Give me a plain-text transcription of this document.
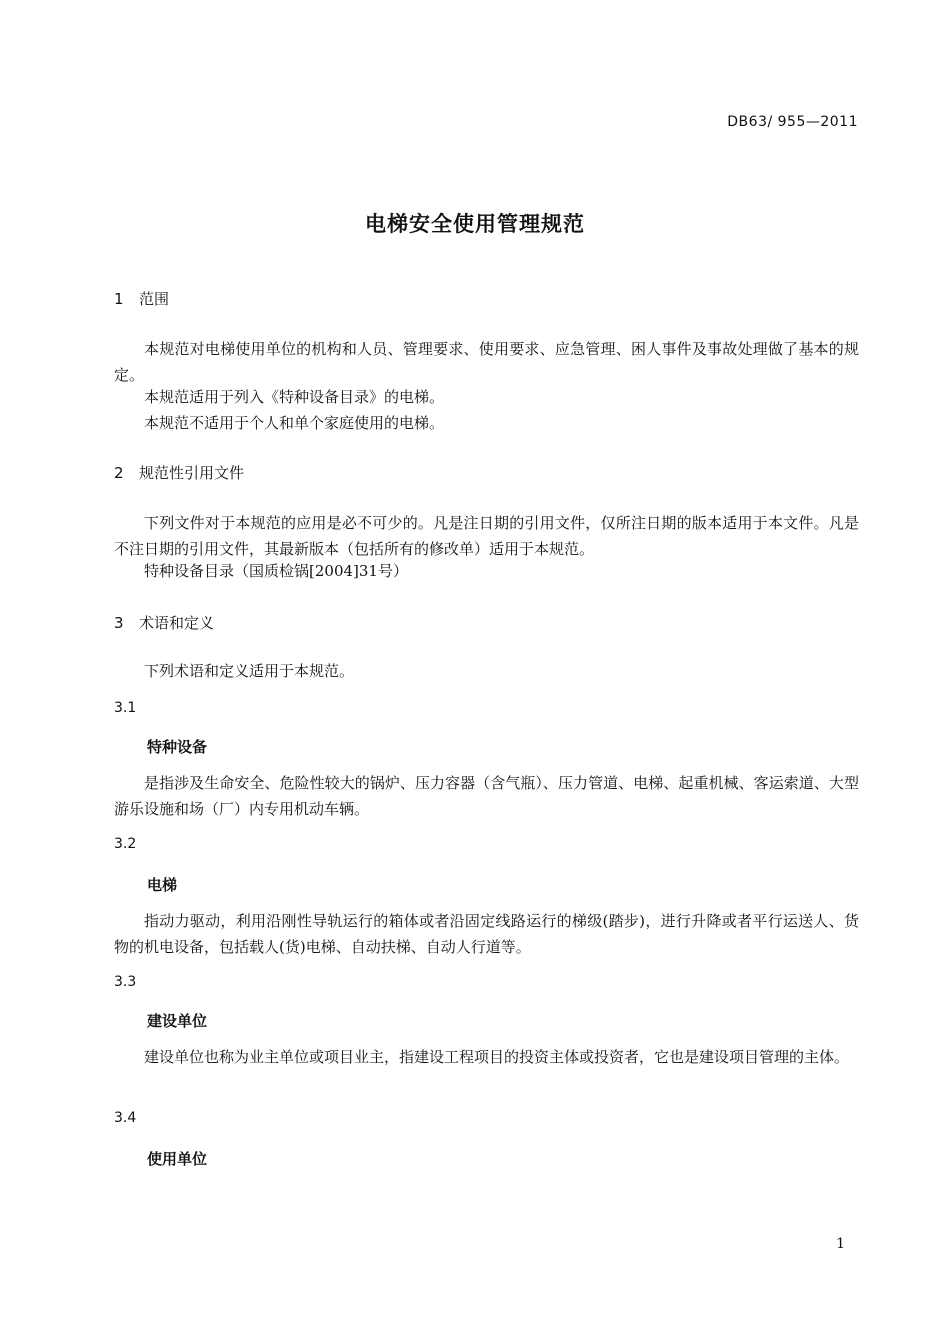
DB63/ 955—2011
电梯安全使用管理规范
1 范围
本规范对电梯使用单位的机构和人员、管理要求、使用要求、应急管理、困人事件及事故处理做了基本的规定。
本规范适用于列入《特种设备目录》的电梯。
本规范不适用于个人和单个家庭使用的电梯。
2 规范性引用文件
下列文件对于本规范的应用是必不可少的。凡是注日期的引用文件，仅所注日期的版本适用于本文件。凡是不注日期的引用文件，其最新版本（包括所有的修改单）适用于本规范。
特种设备目录（国质检锅[2004]31号）
3 术语和定义
下列术语和定义适用于本规范。
3.1
特种设备
是指涉及生命安全、危险性较大的锅炉、压力容器（含气瓶）、压力管道、电梯、起重机械、客运索道、大型游乐设施和场（厂）内专用机动车辆。
3.2
电梯
指动力驱动，利用沿刚性导轨运行的箱体或者沿固定线路运行的梯级(踏步)，进行升降或者平行运送人、货物的机电设备，包括载人(货)电梯、自动扶梯、自动人行道等。
3.3
建设单位
建设单位也称为业主单位或项目业主，指建设工程项目的投资主体或投资者，它也是建设项目管理的主体。
3.4
使用单位
1
